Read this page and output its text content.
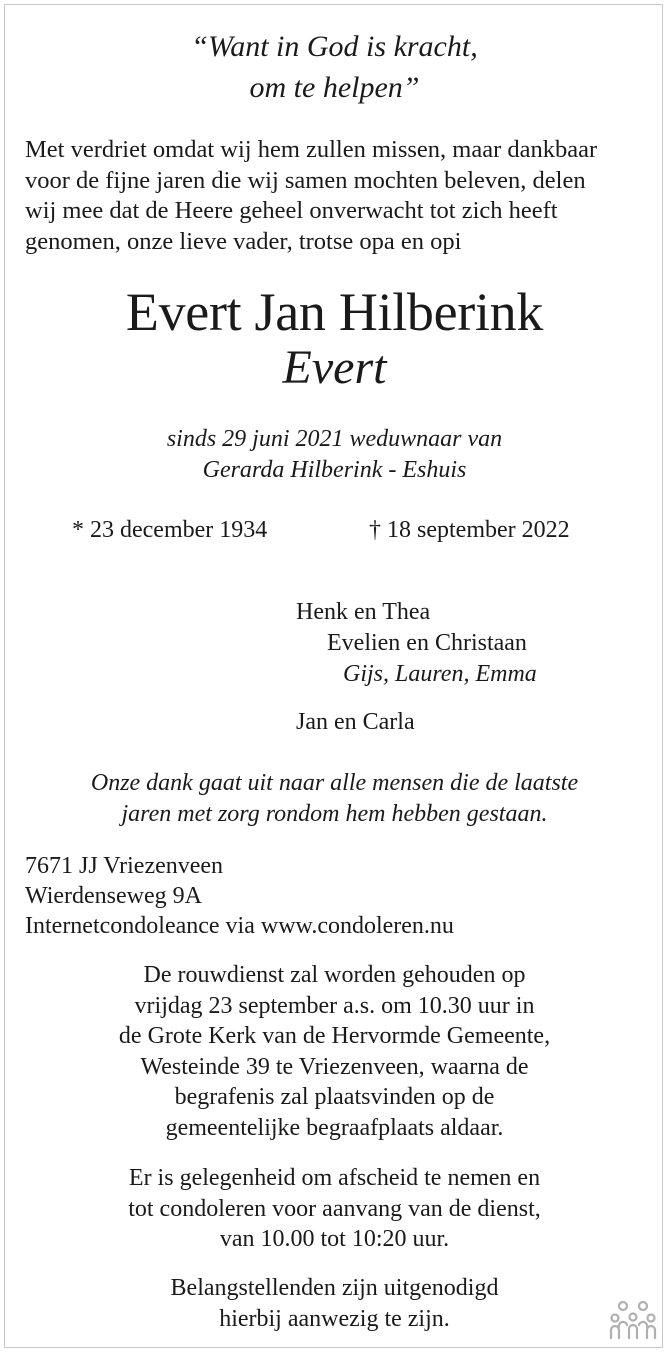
“Want in God is kracht,
om te helpen”
Met verdriet omdat wij hem zullen missen, maar dankbaar
voor de fijne jaren die wij samen mochten beleven, delen
wij mee dat de Heere geheel onverwacht tot zich heeft
genomen, onze lieve vader, trotse opa en opi
Evert Jan Hilberink
Evert
sinds 29 juni 2021 weduwnaar van
Gerarda Hilberink - Eshuis
* 23 december 1934	† 18 september 2022
Henk en Thea
Evelien en Christaan
Gijs, Lauren, Emma
Jan en Carla
Onze dank gaat uit naar alle mensen die de laatste
jaren met zorg rondom hem hebben gestaan.
7671 JJ Vriezenveen
Wierdenseweg 9A
Internetcondoleance via www.condoleren.nu
De rouwdienst zal worden gehouden op
vrijdag 23 september a.s. om 10.30 uur in
de Grote Kerk van de Hervormde Gemeente,
Westeinde 39 te Vriezenveen, waarna de
begrafenis zal plaatsvinden op de
gemeentelijke begraafplaats aldaar.
Er is gelegenheid om afscheid te nemen en
tot condoleren voor aanvang van de dienst,
van 10.00 tot 10:20 uur.
Belangstellenden zijn uitgenodigd
hierbij aanwezig te zijn.
